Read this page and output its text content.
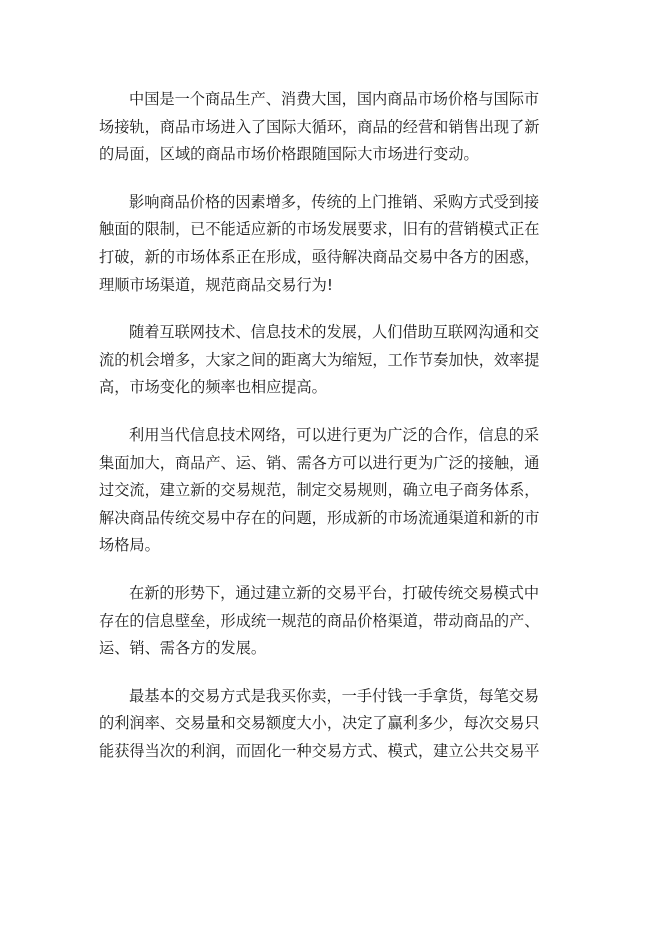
中国是一个商品生产、消费大国，国内商品市场价格与国际市
场接轨，商品市场进入了国际大循环，商品的经营和销售出现了新
的局面，区域的商品市场价格跟随国际大市场进行变动。

影响商品价格的因素增多，传统的上门推销、采购方式受到接
触面的限制，已不能适应新的市场发展要求，旧有的营销模式正在
打破，新的市场体系正在形成，亟待解决商品交易中各方的困惑，
理顺市场渠道，规范商品交易行为!

随着互联网技术、信息技术的发展，人们借助互联网沟通和交
流的机会增多，大家之间的距离大为缩短，工作节奏加快，效率提
高，市场变化的频率也相应提高。

利用当代信息技术网络，可以进行更为广泛的合作，信息的采
集面加大，商品产、运、销、需各方可以进行更为广泛的接触，通
过交流，建立新的交易规范，制定交易规则，确立电子商务体系，
解决商品传统交易中存在的问题，形成新的市场流通渠道和新的市
场格局。

在新的形势下，通过建立新的交易平台，打破传统交易模式中
存在的信息壁垒，形成统一规范的商品价格渠道，带动商品的产、
运、销、需各方的发展。

最基本的交易方式是我买你卖，一手付钱一手拿货，每笔交易
的利润率、交易量和交易额度大小，决定了赢利多少，每次交易只
能获得当次的利润，而固化一种交易方式、模式，建立公共交易平
